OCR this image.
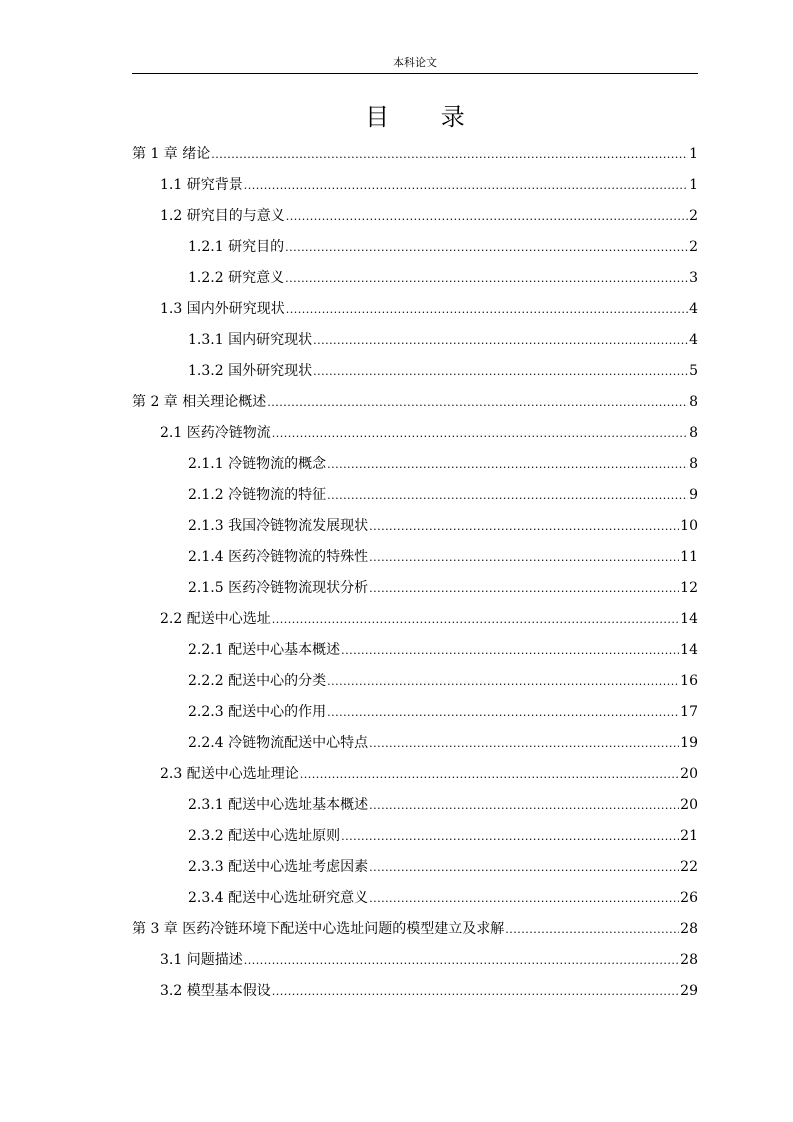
本科论文
目 录
第 1 章 绪论 .....	1
1.1 研究背景 .....	1
1.2 研究目的与意义 .....	2
1.2.1 研究目的 .....	2
1.2.2 研究意义 .....	3
1.3 国内外研究现状 .....	4
1.3.1 国内研究现状 .....	4
1.3.2 国外研究现状 .....	5
第 2 章 相关理论概述 .....	8
2.1 医药冷链物流 .....	8
2.1.1 冷链物流的概念 .....	8
2.1.2 冷链物流的特征 .....	9
2.1.3 我国冷链物流发展现状 .....	10
2.1.4 医药冷链物流的特殊性 .....	11
2.1.5 医药冷链物流现状分析 .....	12
2.2 配送中心选址 .....	14
2.2.1 配送中心基本概述 .....	14
2.2.2 配送中心的分类 .....	16
2.2.3 配送中心的作用 .....	17
2.2.4 冷链物流配送中心特点 .....	19
2.3 配送中心选址理论 .....	20
2.3.1 配送中心选址基本概述 .....	20
2.3.2 配送中心选址原则 .....	21
2.3.3 配送中心选址考虑因素 .....	22
2.3.4 配送中心选址研究意义 .....	26
第 3 章 医药冷链环境下配送中心选址问题的模型建立及求解 .....	28
3.1 问题描述 .....	28
3.2 模型基本假设 .....	29
